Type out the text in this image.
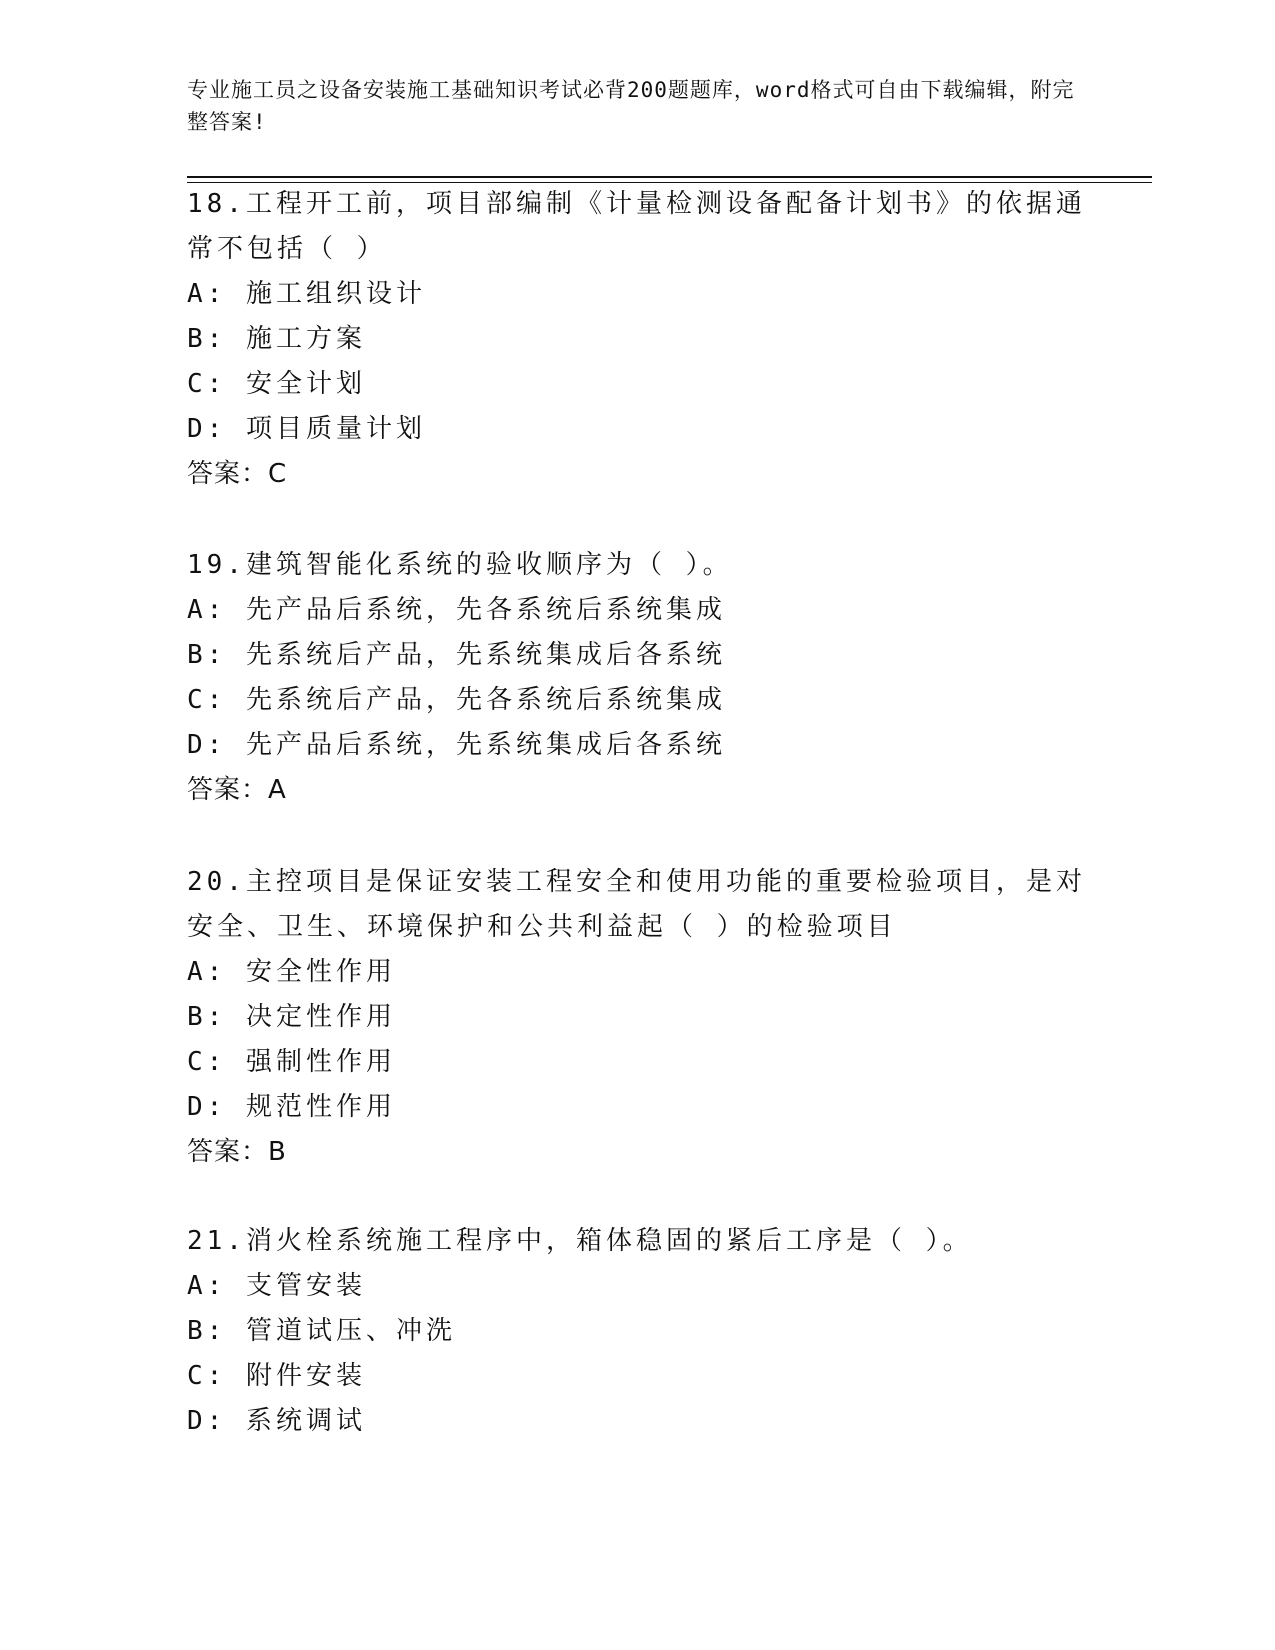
专业施工员之设备安装施工基础知识考试必背200题题库，word格式可自由下载编辑，附完整答案!

18.工程开工前，项目部编制《计量检测设备配备计划书》的依据通常不包括（ ）

A: 施工组织设计

B: 施工方案

C: 安全计划

D: 项目质量计划

答案：C

19.建筑智能化系统的验收顺序为（ ）。

A: 先产品后系统，先各系统后系统集成

B: 先系统后产品，先系统集成后各系统

C: 先系统后产品，先各系统后系统集成

D: 先产品后系统，先系统集成后各系统

答案：A

20.主控项目是保证安装工程安全和使用功能的重要检验项目，是对安全、卫生、环境保护和公共利益起（ ）的检验项目

A: 安全性作用

B: 决定性作用

C: 强制性作用

D: 规范性作用

答案：B

21.消火栓系统施工程序中，箱体稳固的紧后工序是（ ）。

A: 支管安装

B: 管道试压、冲洗

C: 附件安装

D: 系统调试
